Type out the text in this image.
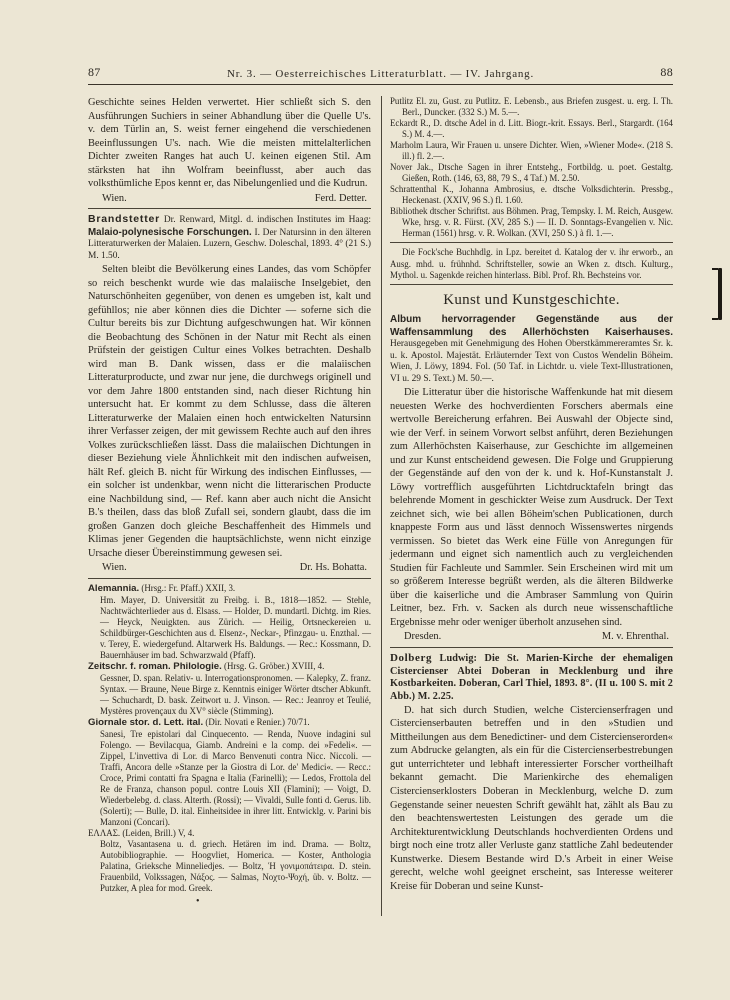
87	Nr. 3. — Oesterreichisches Litteraturblatt. — IV. Jahrgang.	88

Geschichte seines Helden verwertet. Hier schließt sich S. den Ausführungen Suchiers in seiner Abhandlung über die Quelle U's. v. dem Türlin an, S. weist ferner eingehend die verschiedenen Beeinflussungen U's. nach. Wie die meisten mittelalterlichen Dichter zweiten Ranges hat auch U. keinen eigenen Stil. Am stärksten hat ihn Wolfram beeinflusst, aber auch das volksthümliche Epos kennt er, das Nibelungenlied und die Kudrun.

Wien.	Ferd. Detter.
Brandstetter Dr. Renward, Mitgl. d. indischen Institutes im Haag: Malaio-polynesische Forschungen. I. Der Natursinn in den älteren Litteraturwerken der Malaien. Luzern, Geschw. Doleschal, 1893. 4° (21 S.) M. 1.50.

Selten bleibt die Bevölkerung eines Landes, das vom Schöpfer so reich beschenkt wurde wie das malaiische Inselgebiet, den Naturschönheiten gegenüber, von denen es umgeben ist, kalt und gefühllos; nie aber können dies die Dichter — soferne sich die Cultur bereits bis zur Dichtung aufgeschwungen hat. Wir können die Beobachtung des Schönen in der Natur mit Recht als einen Prüfstein der geistigen Cultur eines Volkes betrachten. Deshalb wird man B. Dank wissen, dass er die malaiischen Litteraturproducte, und zwar nur jene, die durchwegs originell und vor dem Jahre 1800 entstanden sind, nach dieser Richtung hin untersucht hat. Er kommt zu dem Schlusse, dass die älteren Litteraturwerke der Malaien einen hoch entwickelten Natursinn ihrer Verfasser zeigen, der mit gewissem Rechte auch auf den ihres Volkes zurückschließen lässt. Dass die malaiischen Dichtungen in dieser Beziehung viele Ähnlichkeit mit den indischen aufweisen, hält Ref. gleich B. nicht für Wirkung des indischen Einflusses, — ein solcher ist undenkbar, wenn nicht die litterarischen Producte eine Nachbildung sind, — Ref. kann aber auch nicht die Ansicht B.'s theilen, dass das bloß Zufall sei, sondern glaubt, dass die im großen Ganzen doch gleiche Beschaffenheit des Himmels und Klimas jener Gegenden die hauptsächlichste, wenn nicht einzige Ursache dieser Übereinstimmung gewesen sei.

Wien.	Dr. Hs. Bohatta.
Alemannia. (Hrsg.: Fr. Pfaff.) XXII, 3.
Hm. Mayer, D. Universität zu Freibg. i. B., 1818—1852. — Stehle, Nachtwächterlieder aus d. Elsass. — Holder, D. mundartl. Dichtg. im Ries. — Heyck, Neuigkten. aus Zürich. — Heilig, Ortsneckereien u. Schildbürger-Geschichten aus d. Elsenz-, Neckar-, Pfinzgau- u. Enzthal. — v. Terey, E. wiedergefund. Altarwerk Hs. Baldungs. — Rec.: Kossmann, D. Bauernhäuser im bad. Schwarzwald (Pfaff).
Zeitschr. f. roman. Philologie. (Hrsg. G. Gröber.) XVIII, 4.
Gessner, D. span. Relativ- u. Interrogationspronomen. — Kalepky, Z. franz. Syntax. — Braune, Neue Birge z. Kenntnis einiger Wörter dtscher Abkunft. — Schuchardt, D. bask. Zeitwort u. J. Vinson. — Rec.: Jeanroy et Teulié, Mystères provençaux du XV° siècle (Stimming).
Giornale stor. d. Lett. ital. (Dir. Novati e Renier.) 70/71.
Sanesi, Tre epistolari dal Cinquecento. — Renda, Nuove indagini sul Folengo. — Bevilacqua, Giamb. Andreini e la comp. dei »Fedeli«. — Zippel, L'invettiva di Lor. di Marco Benvenuti contra Nicc. Niccoli. — Traffi, Ancora delle »Stanze per la Giostra di Lor. de' Medici«. — Recc.: Croce, Primi contatti fra Spagna e Italia (Farinelli); — Ledos, Frottola del Re de Franza, chanson popul. contre Louis XII (Flamini); — Voigt, D. Wiederbelebg. d. class. Alterth. (Rossi); — Vivaldi, Sulle fonti d. Gerus. lib. (Solerti); — Bulle, D. ital. Einheitsidee in ihrer litt. Entwicklg. v. Parini bis Manzoni (Concari).
ΕΛΛΑΣ. (Leiden, Brill.) V, 4.
Boltz, Vasantasena u. d. griech. Hetären im ind. Drama. — Boltz, Autobibliographie. — Hoogvliet, Homerica. — Koster, Anthologia Palatina, Grieksche Minneliedjes. — Boltz, Ἡ γονιμοπάτειρα. D. stein. Frauenbild, Volkssagen, Νάξος. — Salmas, Νοχτο-Ψοχή, üb. v. Boltz. — Putzker, A plea for mod. Greek.

Putlitz El. zu, Gust. zu Putlitz. E. Lebensb., aus Briefen zusgest. u. erg. I. Th. Berl., Duncker. (332 S.) M. 5.—.

Eckardt R., D. dtsche Adel in d. Litt. Biogr.-krit. Essays. Berl., Stargardt. (164 S.) M. 4.—.

Marholm Laura, Wir Frauen u. unsere Dichter. Wien, »Wiener Mode«. (218 S. ill.) fl. 2.—.

Nover Jak., Dtsche Sagen in ihrer Entstehg., Fortbildg. u. poet. Gestaltg. Gießen, Roth. (146, 63, 88, 79 S., 4 Taf.) M. 2.50.

Schrattenthal K., Johanna Ambrosius, e. dtsche Volksdichterin. Pressbg., Heckenast. (XXIV, 96 S.) fl. 1.60.

Bibliothek dtscher Schriftst. aus Böhmen. Prag, Tempsky. I. M. Reich, Ausgew. Wke, hrsg. v. R. Fürst. (XV, 285 S.) — II. D. Sonntags-Evangelien v. Nic. Herman (1561) hrsg. v. R. Wolkan. (XVI, 250 S.) à fl. 1.—.

Die Fock'sche Buchhdlg. in Lpz. bereitet d. Katalog der v. ihr erworb., an Ausg. mhd. u. frühnhd. Schriftsteller, sowie an Wken z. dtsch. Kulturg., Mythol. u. Sagenkde reichen hinterlass. Bibl. Prof. Rh. Bechsteins vor.

Kunst und Kunstgeschichte.
Album hervorragender Gegenstände aus der Waffensammlung des Allerhöchsten Kaiserhauses. Herausgegeben mit Genehmigung des Hohen Oberstkämmereramtes Sr. k. u. k. Apostol. Majestät. Erläuternder Text von Custos Wendelin Böheim. Wien, J. Löwy, 1894. Fol. (50 Taf. in Lichtdr. u. viele Text-Illustrationen, VI u. 29 S. Text.) M. 50.—.

Die Litteratur über die historische Waffenkunde hat mit diesem neuesten Werke des hochverdienten Forschers abermals eine wertvolle Bereicherung erfahren. Bei Auswahl der Objecte sind, wie der Verf. in seinem Vorwort selbst anführt, deren Beziehungen zum Allerhöchsten Kaiserhause, zur Geschichte im allgemeinen und zur Kunst entscheidend gewesen. Die Folge und Gruppierung der Gegenstände auf den von der k. und k. Hof-Kunstanstalt J. Löwy vortrefflich ausgeführten Lichtdrucktafeln bringt das belehrende Moment in geschickter Weise zum Ausdruck. Der Text zeichnet sich, wie bei allen Böheim'schen Publicationen, durch knappeste Form aus und lässt dennoch Wissenswertes nirgends vermissen. So bietet das Werk eine Fülle von Anregungen für jedermann und eignet sich namentlich auch zu vergleichenden Studien für Fachleute und Sammler. Sein Erscheinen wird mit um so größerem Interesse begrüßt werden, als die älteren Bildwerke über die kaiserliche und die Ambraser Sammlung von Quirin Leitner, bez. Frh. v. Sacken als durch neue wissenschaftliche Ergebnisse mehr oder weniger überholt anzusehen sind.

Dresden.	M. v. Ehrenthal.
Dolberg Ludwig: Die St. Marien-Kirche der ehemaligen Cistercienser Abtei Doberan in Mecklenburg und ihre Kostbarkeiten. Doberan, Carl Thiel, 1893. 8°. (II u. 100 S. mit 2 Abb.) M. 2.25.

D. hat sich durch Studien, welche Cistercienserfragen und Cistercienserbauten betreffen und in den »Studien und Mittheilungen aus dem Benedictiner- und dem Cistercienserorden« zum Abdrucke gelangten, als ein für die Cistercienserbestrebungen gut unterrichteter und lebhaft interessierter Forscher vortheilhaft bekannt gemacht. Die Marienkirche des ehemaligen Cistercienserklosters Doberan in Mecklenburg, welche D. zum Gegenstande seiner neuesten Schrift gewählt hat, zählt als Bau zu den beachtenswertesten Leistungen des gerade um die Architekturentwicklung Deutschlands hochverdienten Ordens und birgt noch eine trotz aller Verluste ganz stattliche Zahl bedeutender Kunstwerke. Diesem Bestande wird D.'s Arbeit in einer Weise gerecht, welche wohl geeignet erscheint, sas Interesse weiterer Kreise für Doberan und seine Kunst-

•
